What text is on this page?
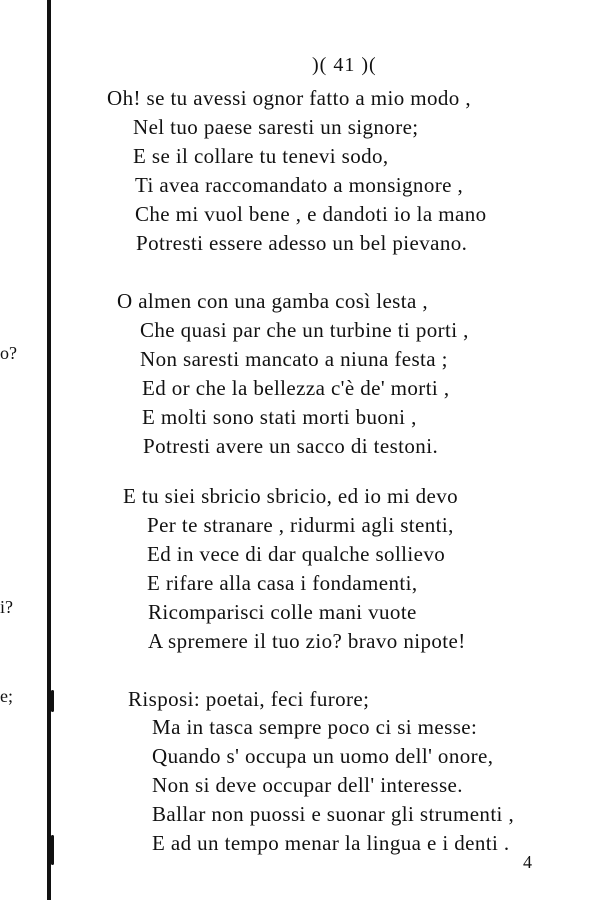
o?
i?
e;
)( 41 )(
Oh! se tu avessi ognor fatto a mio modo ,
Nel tuo paese saresti un signore;
E se il collare tu tenevi sodo,
Ti avea raccomandato a monsignore ,
Che mi vuol bene , e dandoti io la mano
Potresti essere adesso un bel pievano.
O almen con una gamba così lesta ,
Che quasi par che un turbine ti porti ,
Non saresti mancato a niuna festa ;
Ed or che la bellezza c'è de' morti ,
E molti sono stati morti buoni ,
Potresti avere un sacco di testoni.
E tu siei sbricio sbricio, ed io mi devo
Per te stranare , ridurmi agli stenti,
Ed in vece di dar qualche sollievo
E rifare alla casa i fondamenti,
Ricomparisci colle mani vuote
A spremere il tuo zio? bravo nipote!
Risposi: poetai, feci furore;
Ma in tasca sempre poco ci si messe:
Quando s' occupa un uomo dell' onore,
Non si deve occupar dell' interesse.
Ballar non puossi e suonar gli strumenti ,
E ad un tempo menar la lingua e i denti .
4
